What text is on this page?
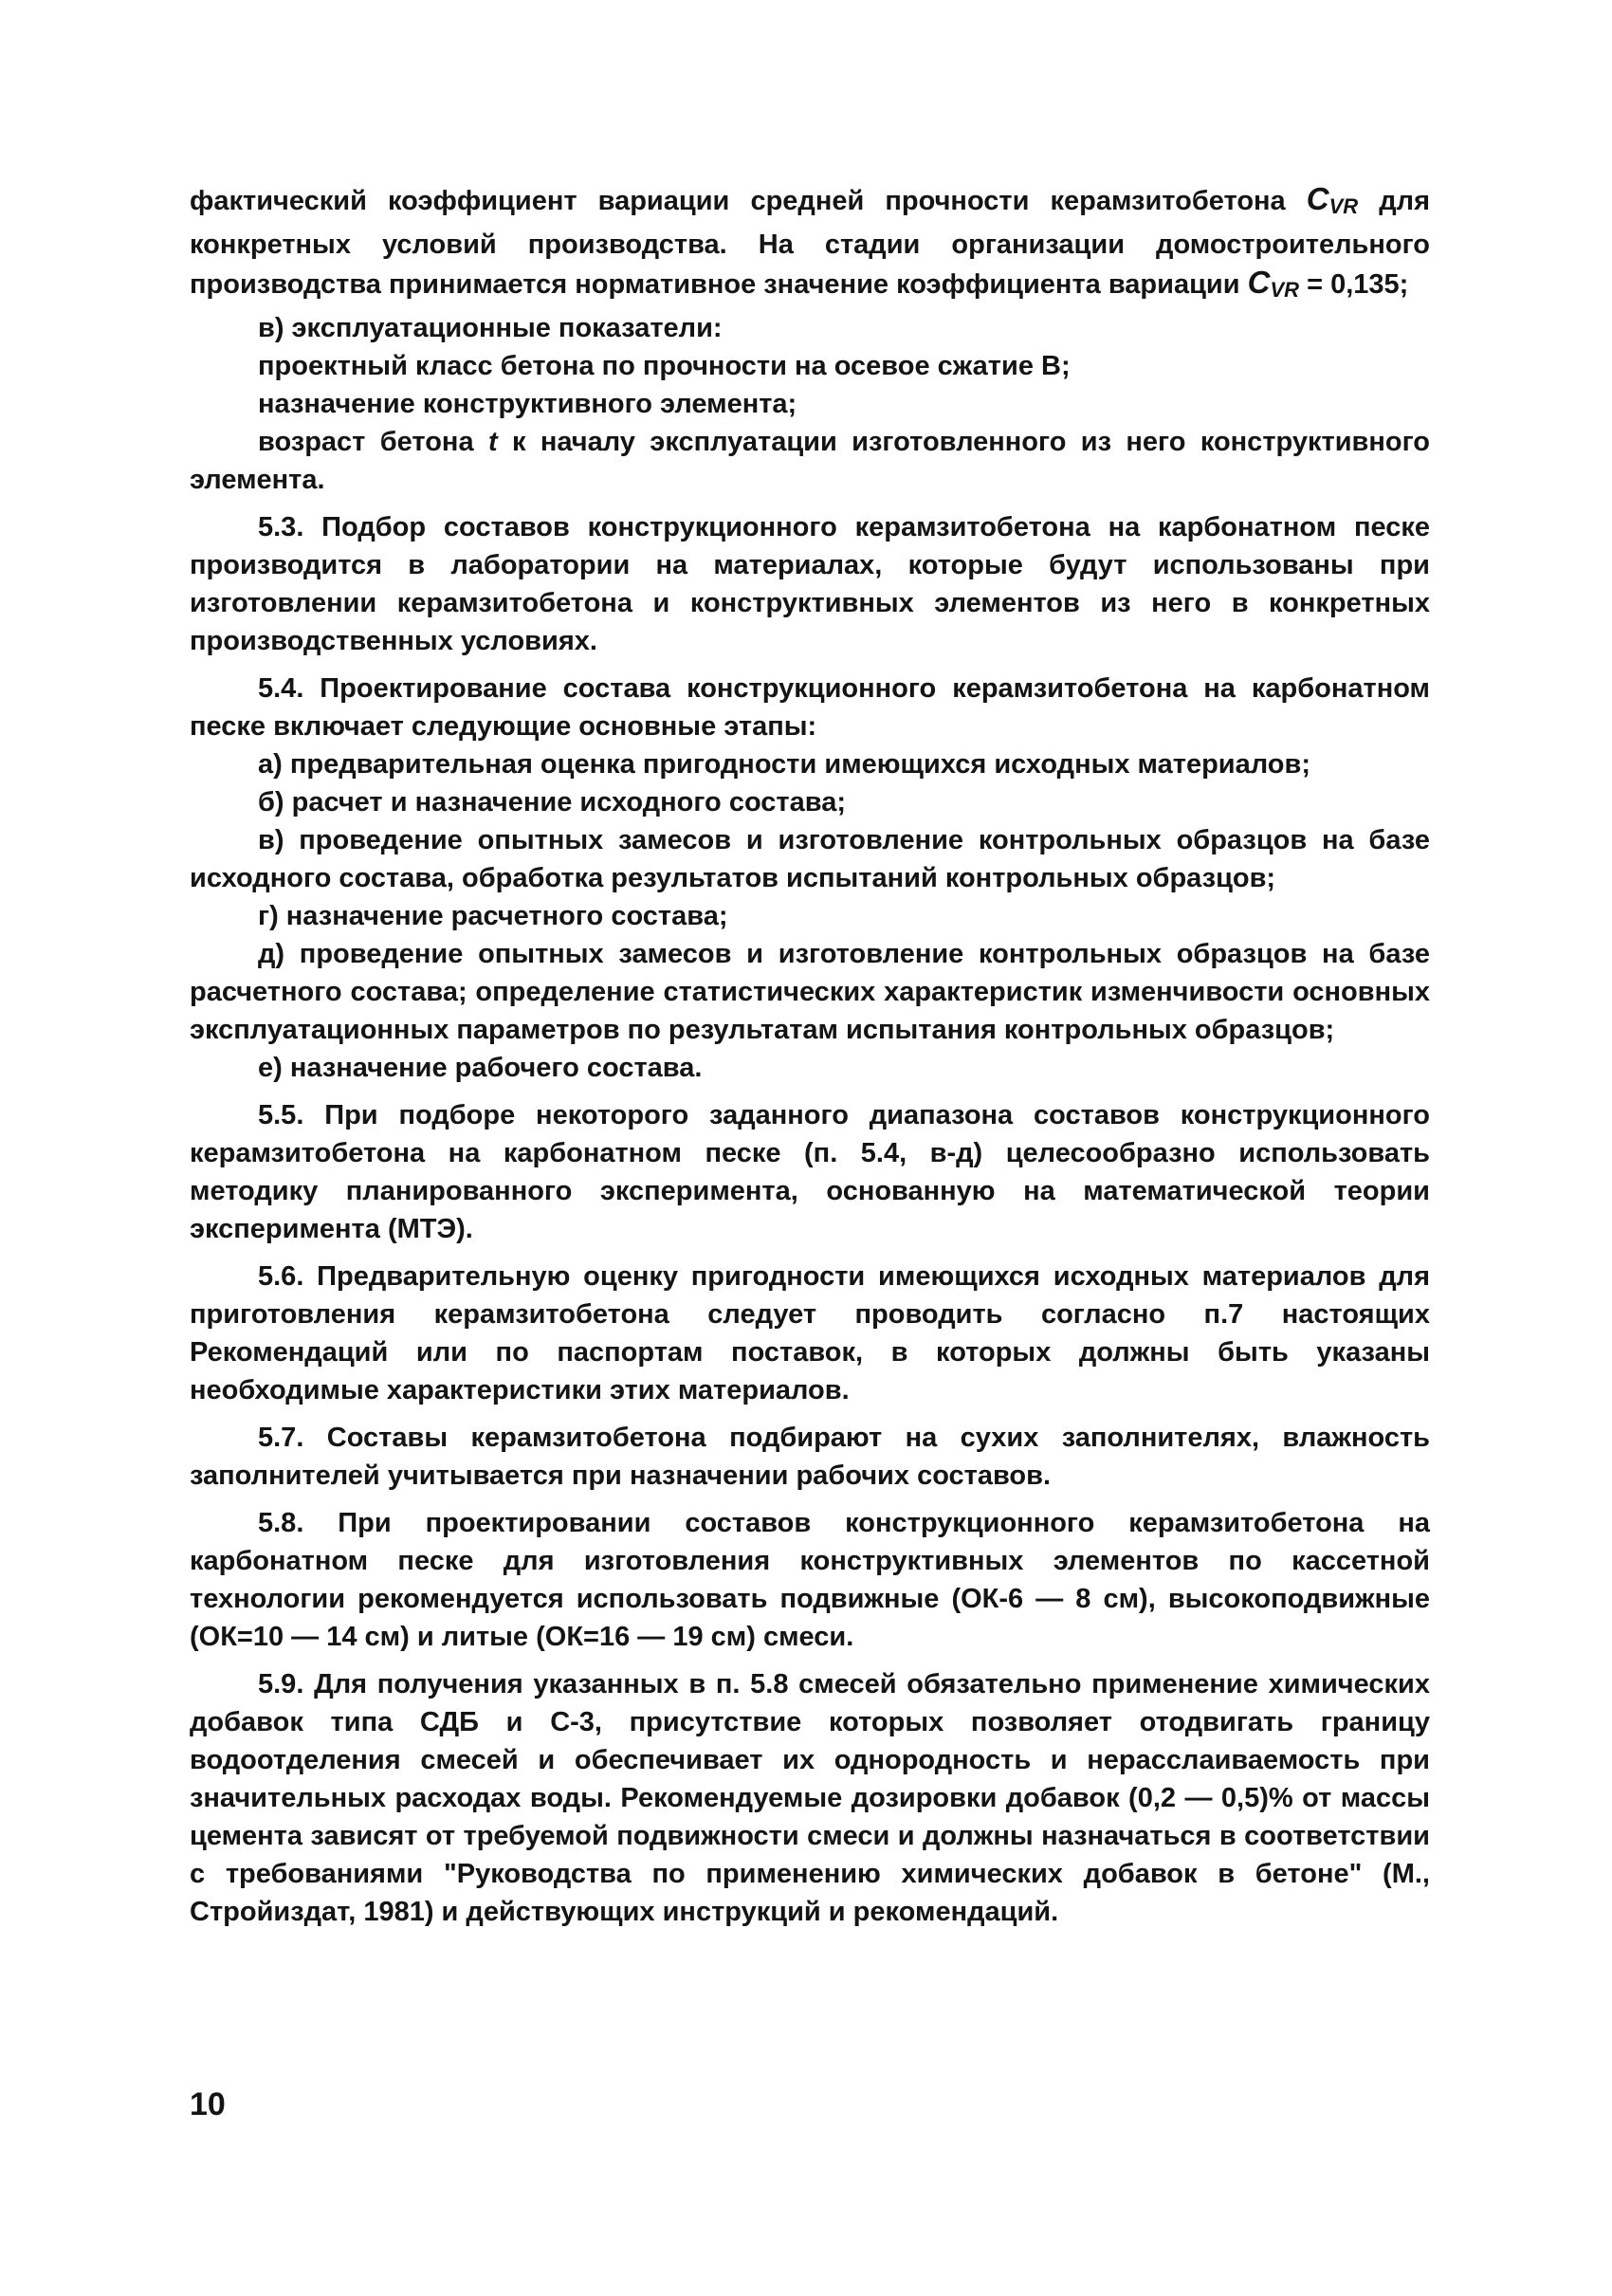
фактический коэффициент вариации средней прочности керамзитобетона CVR для конкретных условий производства. На стадии организации домостроительного производства принимается нормативное значение коэффициента вариации CVR = 0,135;

в) эксплуатационные показатели:

проектный класс бетона по прочности на осевое сжатие В;

назначение конструктивного элемента;

возраст бетона t к началу эксплуатации изготовленного из него конструктивного элемента.

5.3. Подбор составов конструкционного керамзитобетона на карбонатном песке производится в лаборатории на материалах, которые будут использованы при изготовлении керамзитобетона и конструктивных элементов из него в конкретных производственных условиях.

5.4. Проектирование состава конструкционного керамзитобетона на карбонатном песке включает следующие основные этапы:

а) предварительная оценка пригодности имеющихся исходных материалов;

б) расчет и назначение исходного состава;

в) проведение опытных замесов и изготовление контрольных образцов на базе исходного состава, обработка результатов испытаний контрольных образцов;

г) назначение расчетного состава;

д) проведение опытных замесов и изготовление контрольных образцов на базе расчетного состава; определение статистических характеристик изменчивости основных эксплуатационных параметров по результатам испытания контрольных образцов;

е) назначение рабочего состава.

5.5. При подборе некоторого заданного диапазона составов конструкционного керамзитобетона на карбонатном песке (п. 5.4, в-д) целесообразно использовать методику планированного эксперимента, основанную на математической теории эксперимента (МТЭ).

5.6. Предварительную оценку пригодности имеющихся исходных материалов для приготовления керамзитобетона следует проводить согласно п.7 настоящих Рекомендаций или по паспортам поставок, в которых должны быть указаны необходимые характеристики этих материалов.

5.7. Составы керамзитобетона подбирают на сухих заполнителях, влажность заполнителей учитывается при назначении рабочих составов.

5.8. При проектировании составов конструкционного керамзитобетона на карбонатном песке для изготовления конструктивных элементов по кассетной технологии рекомендуется использовать подвижные (ОК-6 — 8 см), высокоподвижные (ОК=10 — 14 см) и литые (ОК=16 — 19 см) смеси.

5.9. Для получения указанных в п. 5.8 смесей обязательно применение химических добавок типа СДБ и С-3, присутствие которых позволяет отодвигать границу водоотделения смесей и обеспечивает их однородность и нерасслаиваемость при значительных расходах воды. Рекомендуемые дозировки добавок (0,2 — 0,5)% от массы цемента зависят от требуемой подвижности смеси и должны назначаться в соответствии с требованиями "Руководства по применению химических добавок в бетоне" (М., Стройиздат, 1981) и действующих инструкций и рекомендаций.

10
